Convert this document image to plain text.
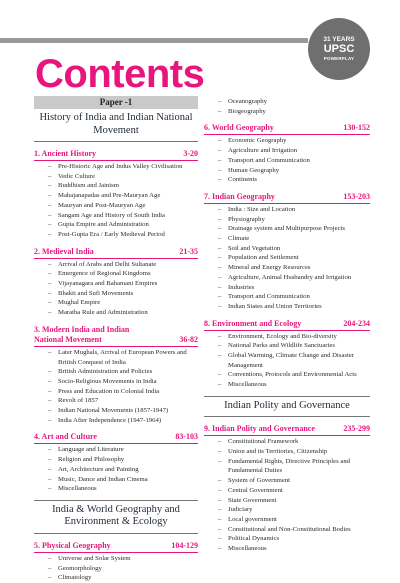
31 YEARS
UPSC
POWERPLAY
Contents
Paper -1
History of India and Indian National Movement
1. Ancient History	3-20
– Pre-Historic Age and Indus Valley Civilisation
– Vedic Culture
– Buddhism and Jainism
– Mahajanapadas and Pre-Mauryan Age
– Mauryan and Post-Mauryan Age
– Sangam Age and History of South India
– Gupta Empire and Administration
– Post-Gupta Era / Early Medieval Period
2. Medieval India	21-35
– Arrival of Arabs and Delhi Sultanate
– Emergence of Regional Kingdoms
– Vijayanagara and Bahamani Empires
– Bhakti and Sufi Movements
– Mughal Empire
– Maratha Rule and Administration
3. Modern India and Indian
National Movement	36-82
– Later Mughals, Arrival of European Powers and British Conquest of India
– British Administration and Policies
– Socio-Religious Movements in India
– Press and Education in Colonial India
– Revolt of 1857
– Indian National Movements (1857-1947)
– India After Independence (1947-1964)
4. Art and Culture	83-103
– Language and Literature
– Religion and Philosophy
– Art, Architecture and Painting
– Music, Dance and Indian Cinema
– Miscellaneous
India & World Geography and Environment & Ecology
5. Physical Geography	104-129
– Universe and Solar System
– Geomorphology
– Climatology
– Oceanography
– Biogeography
6. World Geography	130-152
– Economic Geography
– Agriculture and Irrigation
– Transport and Communication
– Human Geography
– Continents
7. Indian Geography	153-203
– India : Size and Location
– Physiography
– Drainage system and Multipurpose Projects
– Climate
– Soil and Vegetation
– Population and Settlement
– Mineral and Energy Resources
– Agriculture, Animal Husbandry and Irrigation
– Industries
– Transport and Communication
– Indian States and Union Territories
8. Environment and Ecology	204-234
– Environment, Ecology and Bio-diversity
– National Parks and Wildlife Sanctuaries
– Global Warming, Climate Change and Disaster Management
– Conventions, Protocols and Environmental Acts
– Miscellaneous
Indian Polity and Governance
9. Indian Polity and Governance	235-299
– Constitutional Framework
– Union and its Territories, Citizenship
– Fundamental Rights, Directive Principles and Fundamental Duties
– System of Government
– Central Government
– State Government
– Judiciary
– Local government
– Constitutional and Non-Constitutional Bodies
– Political Dynamics
– Miscellaneous
